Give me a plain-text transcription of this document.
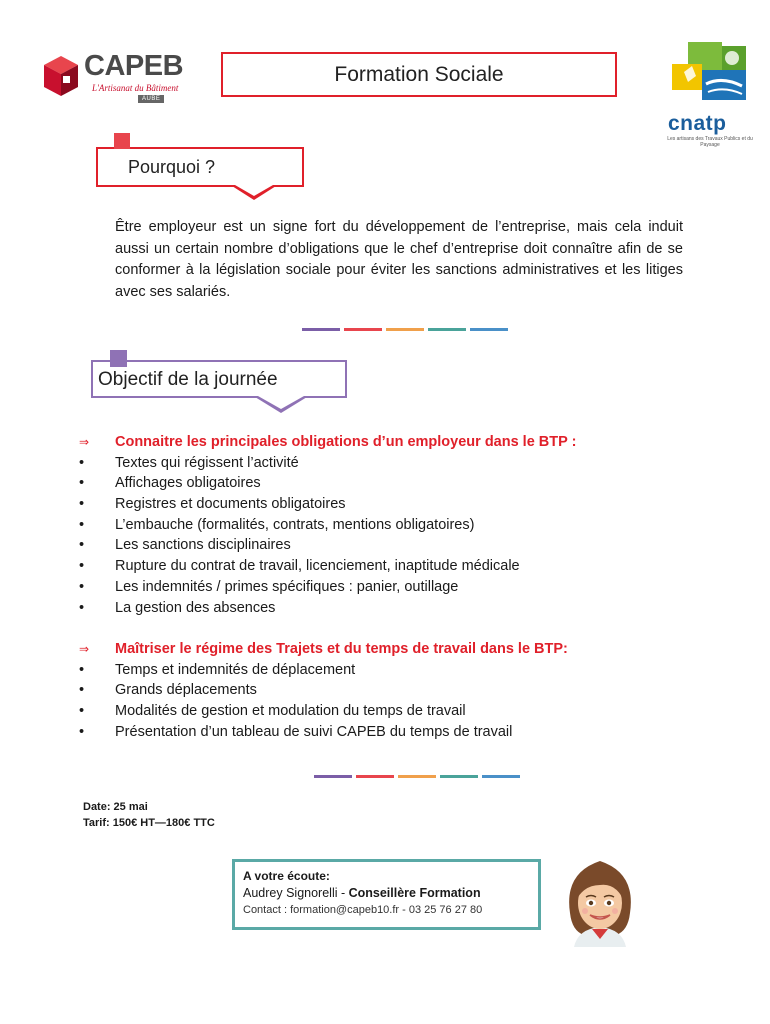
CAPEB
L'Artisanat du Bâtiment
AUBE
Formation Sociale
cnatp
Les artisans des Travaux Publics et du Paysage
Pourquoi ?

Être employeur est un signe fort du développement de l’entreprise, mais cela induit aussi un certain nombre d’obligations que le chef d’entreprise doit connaître afin de se conformer à la législation sociale pour éviter les sanctions administratives et les litiges avec ses salariés.

Objectif de la journée
⇒	Connaitre les principales obligations d’un employeur dans le BTP :
•	Textes qui régissent l’activité
•	Affichages obligatoires
•	Registres et documents obligatoires
•	L’embauche (formalités, contrats, mentions obligatoires)
•	Les sanctions disciplinaires
•	Rupture du contrat de travail, licenciement, inaptitude médicale
•	Les indemnités / primes spécifiques : panier, outillage
•	La gestion des absences
⇒	Maîtriser le régime des Trajets et du temps de travail dans le BTP:
•	Temps et indemnités de déplacement
•	Grands déplacements
•	Modalités de gestion et modulation du temps de travail
•	Présentation d’un tableau de suivi CAPEB du temps de travail
Date: 25 mai
Tarif: 150€ HT—180€ TTC
A votre écoute:
Audrey Signorelli - Conseillère Formation
Contact : formation@capeb10.fr - 03 25 76 27 80
